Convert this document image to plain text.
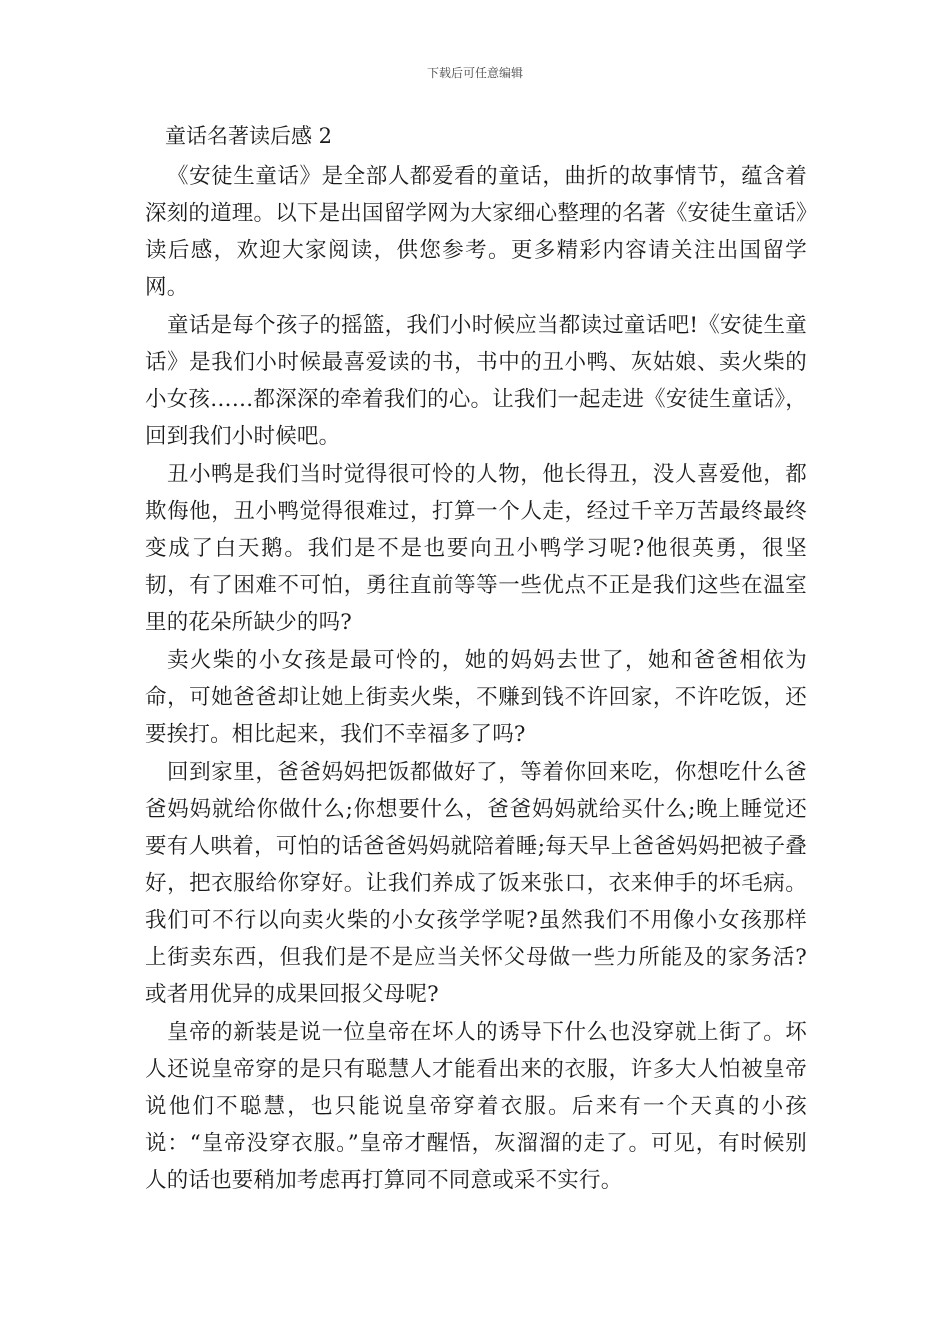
下载后可任意编辑
童话名著读后感 2

《安徒生童话》是全部人都爱看的童话，曲折的故事情节，蕴含着深刻的道理。以下是出国留学网为大家细心整理的名著《安徒生童话》读后感，欢迎大家阅读，供您参考。更多精彩内容请关注出国留学网。

童话是每个孩子的摇篮，我们小时候应当都读过童话吧!《安徒生童话》是我们小时候最喜爱读的书，书中的丑小鸭、灰姑娘、卖火柴的小女孩……都深深的牵着我们的心。让我们一起走进《安徒生童话》，回到我们小时候吧。

丑小鸭是我们当时觉得很可怜的人物，他长得丑，没人喜爱他，都欺侮他，丑小鸭觉得很难过，打算一个人走，经过千辛万苦最终最终变成了白天鹅。我们是不是也要向丑小鸭学习呢?他很英勇，很坚韧，有了困难不可怕，勇往直前等等一些优点不正是我们这些在温室里的花朵所缺少的吗?

卖火柴的小女孩是最可怜的，她的妈妈去世了，她和爸爸相依为命，可她爸爸却让她上街卖火柴，不赚到钱不许回家，不许吃饭，还要挨打。相比起来，我们不幸福多了吗?

回到家里，爸爸妈妈把饭都做好了，等着你回来吃，你想吃什么爸爸妈妈就给你做什么;你想要什么，爸爸妈妈就给买什么;晚上睡觉还要有人哄着，可怕的话爸爸妈妈就陪着睡;每天早上爸爸妈妈把被子叠好，把衣服给你穿好。让我们养成了饭来张口，衣来伸手的坏毛病。我们可不行以向卖火柴的小女孩学学呢?虽然我们不用像小女孩那样上街卖东西，但我们是不是应当关怀父母做一些力所能及的家务活?或者用优异的成果回报父母呢?

皇帝的新装是说一位皇帝在坏人的诱导下什么也没穿就上街了。坏人还说皇帝穿的是只有聪慧人才能看出来的衣服，许多大人怕被皇帝说他们不聪慧，也只能说皇帝穿着衣服。后来有一个天真的小孩说：“皇帝没穿衣服。”皇帝才醒悟，灰溜溜的走了。可见，有时候别人的话也要稍加考虑再打算同不同意或采不实行。
